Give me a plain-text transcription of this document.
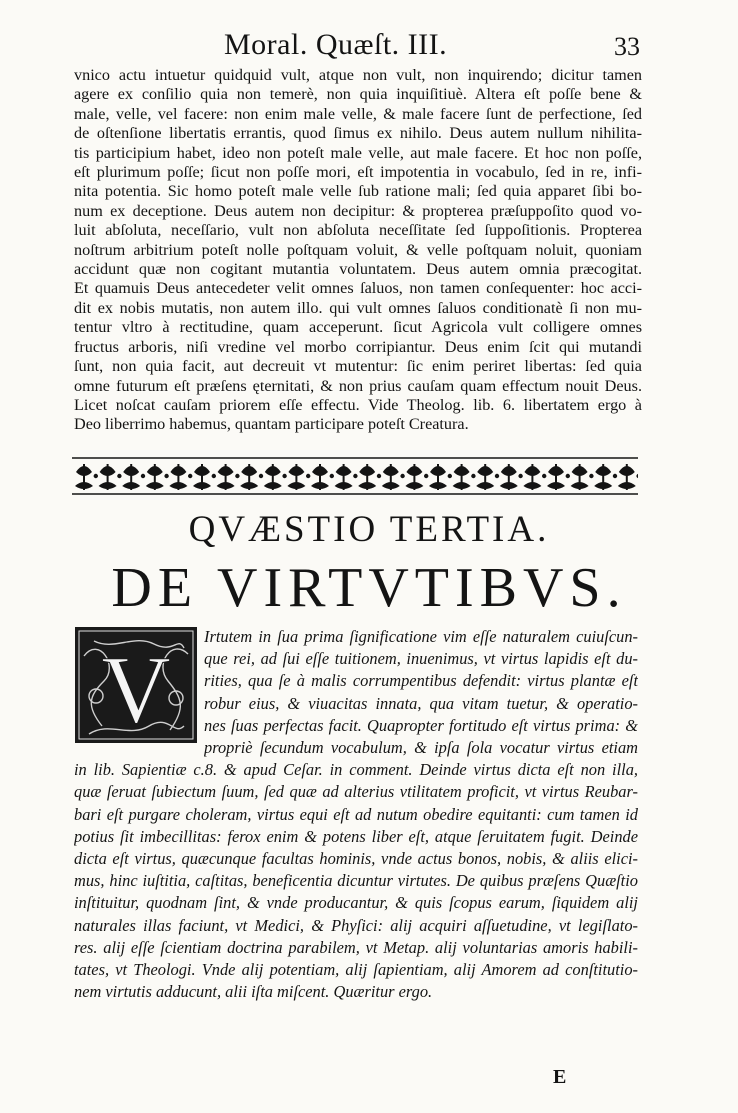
Moral. Quæſt. III.	33
vnico actu intuetur quidquid vult, atque non vult, non inquirendo; dicitur tamen
agere ex conſilio quia non temerè, non quia inquiſitiuè. Altera eſt poſſe bene &
male, velle, vel facere: non enim male velle, & male facere ſunt de perfectione, ſed
de oſtenſione libertatis errantis, quod ſimus ex nihilo. Deus autem nullum nihilita-
tis participium habet, ideo non poteſt male velle, aut male facere. Et hoc non poſſe,
eſt plurimum poſſe; ſicut non poſſe mori, eſt impotentia in vocabulo, ſed in re, infi-
nita potentia. Sic homo poteſt male velle ſub ratione mali; ſed quia apparet ſibi bo-
num ex deceptione. Deus autem non decipitur: & propterea præſuppoſito quod vo-
luit abſoluta, neceſſario, vult non abſoluta neceſſitate ſed ſuppoſitionis. Propterea
noſtrum arbitrium poteſt nolle poſtquam voluit, & velle poſtquam noluit, quoniam
accidunt quæ non cogitant mutantia voluntatem. Deus autem omnia præcogitat.
Et quamuis Deus antecedeter velit omnes ſaluos, non tamen conſequenter: hoc acci-
dit ex nobis mutatis, non autem illo. qui vult omnes ſaluos conditionatè ſi non mu-
tentur vltro à rectitudine, quam acceperunt. ſicut Agricola vult colligere omnes
fructus arboris, niſi vredine vel morbo corripiantur. Deus enim ſcit qui mutandi
ſunt, non quia facit, aut decreuit vt mutentur: ſic enim periret libertas: ſed quia
omne futurum eſt præſens ęternitati, & non prius cauſam quam effectum nouit Deus.
Licet noſcat cauſam priorem eſſe effectu. Vide Theolog. lib. 6. libertatem ergo à
Deo liberrimo habemus, quantam participare poteſt Creatura.
QVÆSTIO TERTIA.
DE VIRTVTIBVS.
V Irtutem in ſua prima ſignificatione vim eſſe naturalem cuiuſcun-
que rei, ad ſui eſſe tuitionem, inuenimus, vt virtus lapidis eſt du-
rities, qua ſe à malis corrumpentibus defendit: virtus plantæ eſt
robur eius, & viuacitas innata, qua vitam tuetur, & operatio-
nes ſuas perfectas facit. Quapropter fortitudo eſt virtus prima: &
propriè ſecundum vocabulum, & ipſa ſola vocatur virtus etiam
in lib. Sapientiæ c.8. & apud Ceſar. in comment. Deinde virtus dicta eſt non illa,
quæ ſeruat ſubiectum ſuum, ſed quæ ad alterius vtilitatem proficit, vt virtus Reubar-
bari eſt purgare choleram, virtus equi eſt ad nutum obedire equitanti: cum tamen id
potius ſit imbecillitas: ferox enim & potens liber eſt, atque ſeruitatem fugit. Deinde
dicta eſt virtus, quæcunque facultas hominis, vnde actus bonos, nobis, & aliis elici-
mus, hinc iuſtitia, caſtitas, beneficentia dicuntur virtutes. De quibus præſens Quæſtio
inſtituitur, quodnam ſint, & vnde producantur, & quis ſcopus earum, ſiquidem alij
naturales illas faciunt, vt Medici, & Phyſici: alij acquiri aſſuetudine, vt legiſlato-
res. alij eſſe ſcientiam doctrina parabilem, vt Metap. alij voluntarias amoris habili-
tates, vt Theologi. Vnde alij potentiam, alij ſapientiam, alij Amorem ad conſtitutio-
nem virtutis adducunt, alii iſta miſcent. Quæritur ergo.
E
